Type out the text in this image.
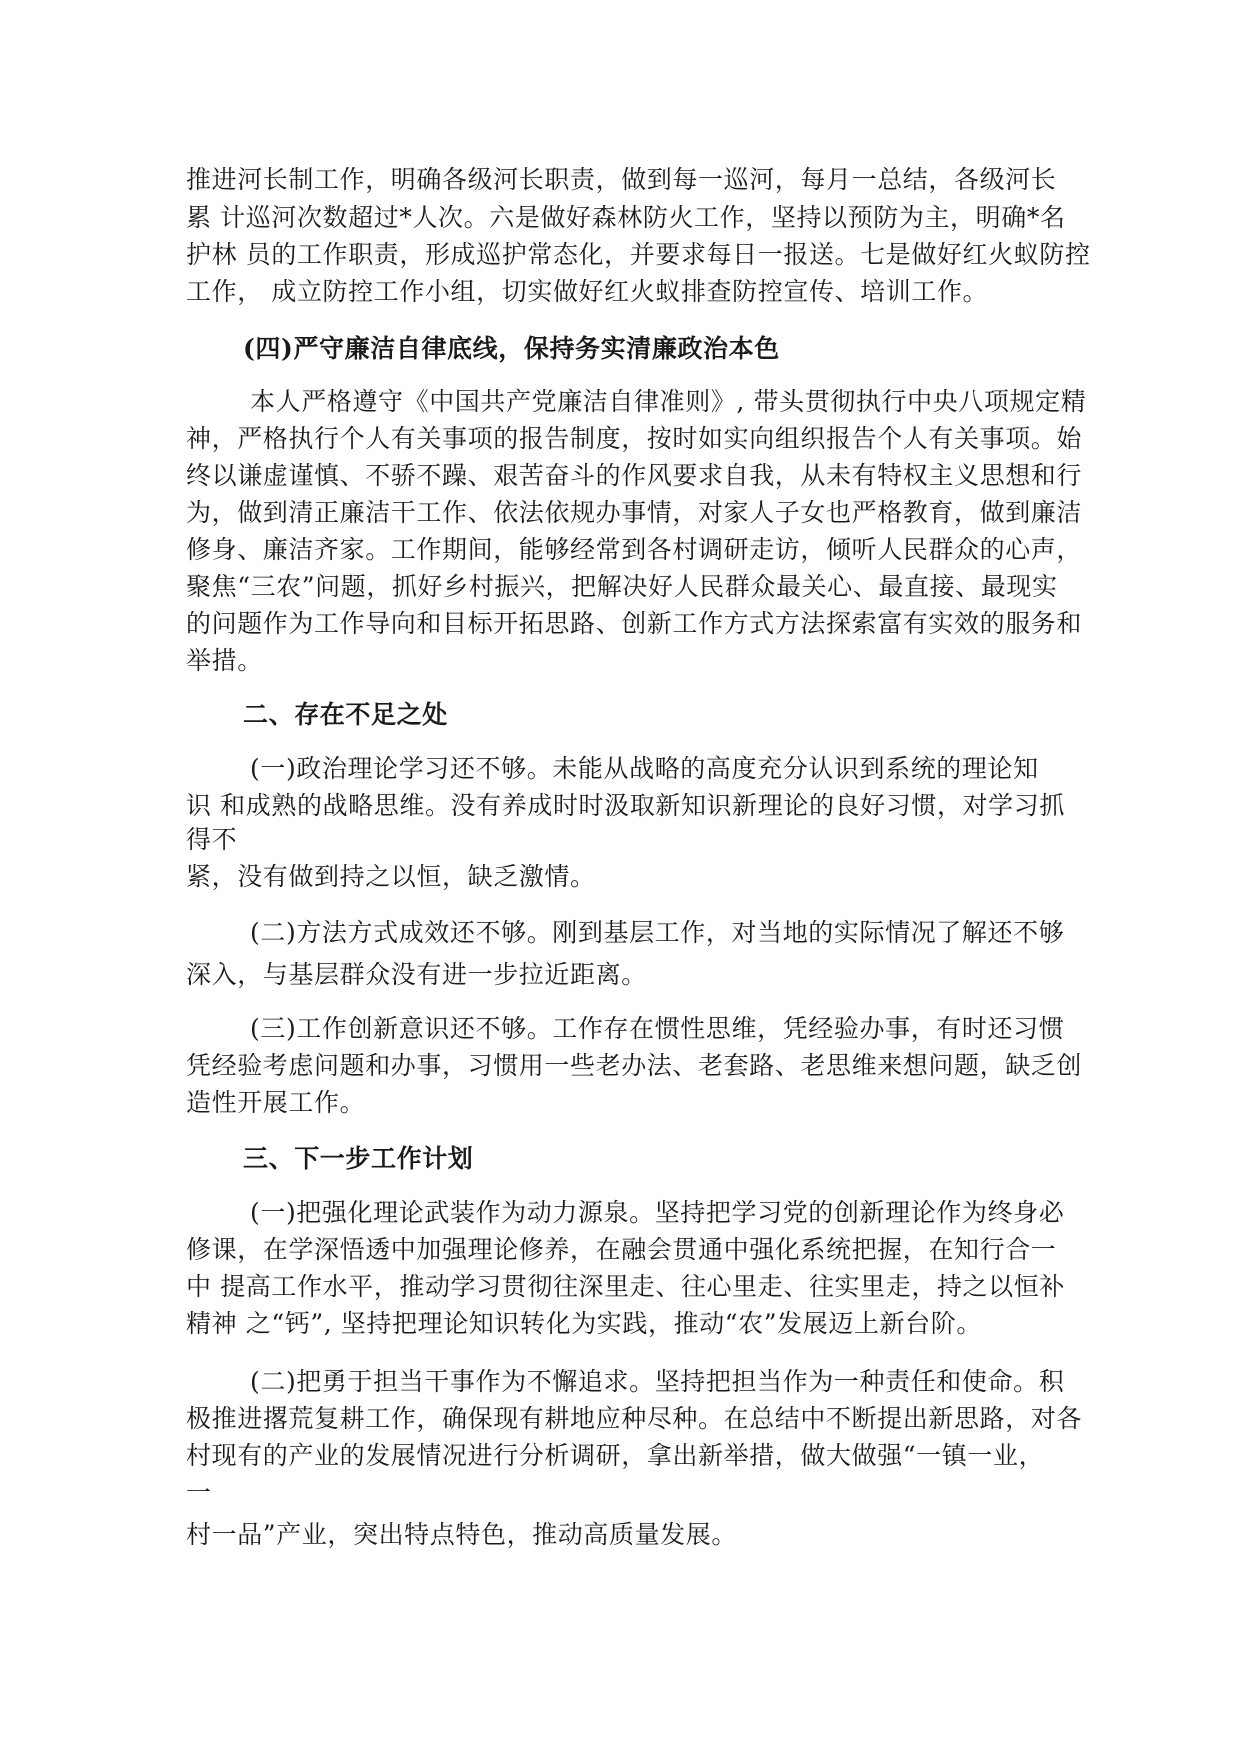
推进河长制工作，明确各级河长职责，做到每一巡河，每月一总结，各级河长

累 计巡河次数超过*人次。六是做好森林防火工作，坚持以预防为主，明确*名

护林 员的工作职责，形成巡护常态化，并要求每日一报送。七是做好红火蚁防控

工作， 成立防控工作小组，切实做好红火蚁排查防控宣传、培训工作。

(四)严守廉洁自律底线，保持务实清廉政治本色

本人严格遵守《中国共产党廉洁自律准则》, 带头贯彻执行中央八项规定精

神，严格执行个人有关事项的报告制度，按时如实向组织报告个人有关事项。始

终以谦虚谨慎、不骄不躁、艰苦奋斗的作风要求自我，从未有特权主义思想和行

为，做到清正廉洁干工作、依法依规办事情，对家人子女也严格教育，做到廉洁

修身、廉洁齐家。工作期间，能够经常到各村调研走访，倾听人民群众的心声，

聚焦“三农”问题，抓好乡村振兴，把解决好人民群众最关心、最直接、最现实

的问题作为工作导向和目标开拓思路、创新工作方式方法探索富有实效的服务和

举措。

二、存在不足之处

(一)政治理论学习还不够。未能从战略的高度充分认识到系统的理论知

识 和成熟的战略思维。没有养成时时汲取新知识新理论的良好习惯，对学习抓

得不

紧，没有做到持之以恒，缺乏激情。

(二)方法方式成效还不够。刚到基层工作，对当地的实际情况了解还不够

深入，与基层群众没有进一步拉近距离。

(三)工作创新意识还不够。工作存在惯性思维，凭经验办事，有时还习惯

凭经验考虑问题和办事，习惯用一些老办法、老套路、老思维来想问题，缺乏创

造性开展工作。

三、下一步工作计划

(一)把强化理论武装作为动力源泉。坚持把学习党的创新理论作为终身必

修课，在学深悟透中加强理论修养，在融会贯通中强化系统把握，在知行合一

中 提高工作水平，推动学习贯彻往深里走、往心里走、往实里走，持之以恒补

精神 之“钙”, 坚持把理论知识转化为实践，推动“农”发展迈上新台阶。

(二)把勇于担当干事作为不懈追求。坚持把担当作为一种责任和使命。积

极推进撂荒复耕工作，确保现有耕地应种尽种。在总结中不断提出新思路，对各

村现有的产业的发展情况进行分析调研，拿出新举措，做大做强“一镇一业，

一

村一品”产业，突出特点特色，推动高质量发展。
